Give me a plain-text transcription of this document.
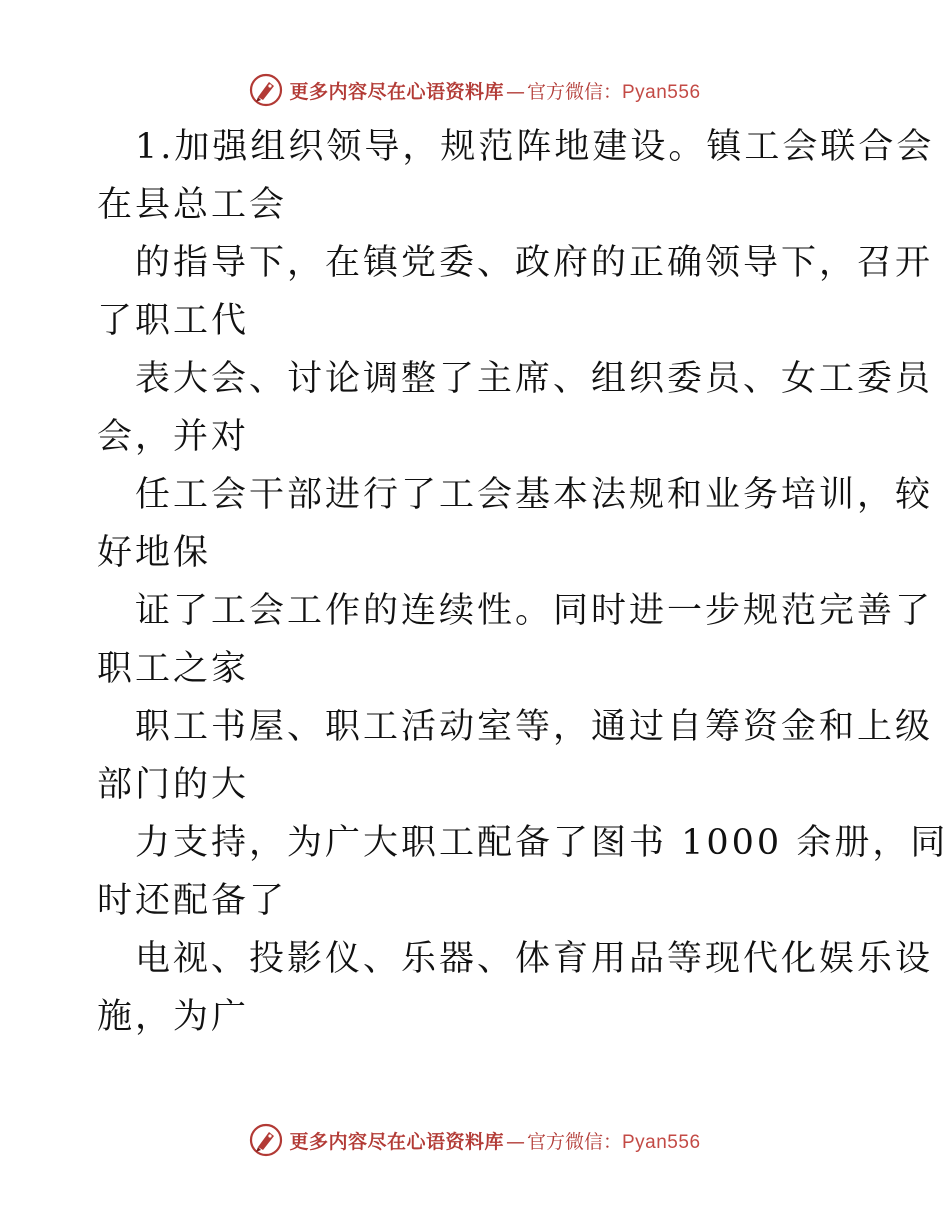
更多内容尽在心语资料库 — 官方微信： Pyan556
1.加强组织领导，规范阵地建设。镇工会联合会
在县总工会
的指导下，在镇党委、政府的正确领导下，召开
了职工代
表大会、讨论调整了主席、组织委员、女工委员
会，并对
任工会干部进行了工会基本法规和业务培训，较
好地保
证了工会工作的连续性。同时进一步规范完善了
职工之家
职工书屋、职工活动室等，通过自筹资金和上级
部门的大
力支持，为广大职工配备了图书 1000 余册，同
时还配备了
电视、投影仪、乐器、体育用品等现代化娱乐设
施，为广
更多内容尽在心语资料库 — 官方微信： Pyan556
